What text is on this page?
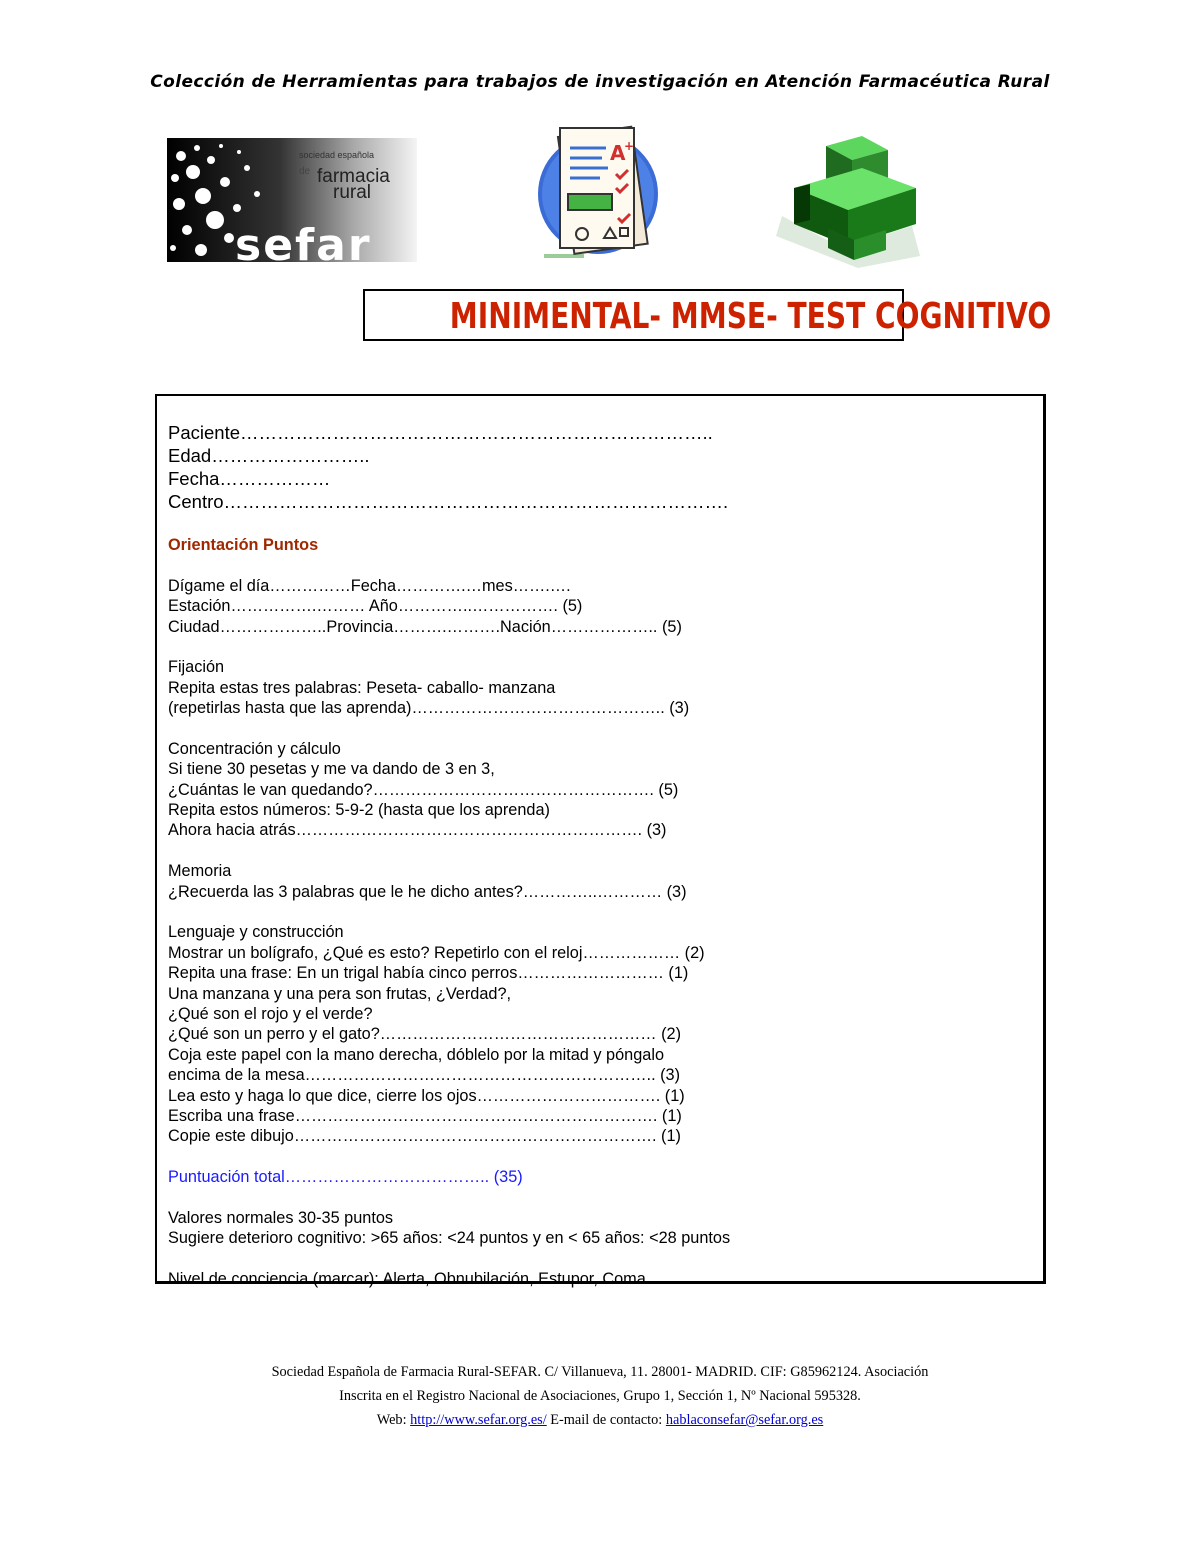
Colección de Herramientas para trabajos de investigación en Atención Farmacéutica Rural
sociedad española
de farmacia
rural
sefar
A
+
MINIMENTAL- MMSE- TEST COGNITIVO
Paciente…………………………………………………………………..
Edad……………………..
Fecha………………
Centro……………………………………………………………………….
Orientación Puntos
Dígame el día……………Fecha………….…mes…….….
Estación…………….……… Año…………..……………. (5)
Ciudad………………..Provincia……….……….Nación……………….. (5)
Fijación
Repita estas tres palabras: Peseta- caballo- manzana
(repetirlas hasta que las aprenda)……………………………………….. (3)
Concentración y cálculo
Si tiene 30 pesetas y me va dando de 3 en 3,
¿Cuántas le van quedando?……………………………………………. (5)
Repita estos números: 5-9-2 (hasta que los aprenda)
Ahora hacia atrás………………………………………………………. (3)
Memoria
¿Recuerda las 3 palabras que le he dicho antes?…………..………… (3)
Lenguaje y construcción
Mostrar un bolígrafo, ¿Qué es esto? Repetirlo con el reloj……………… (2)
Repita una frase: En un trigal había cinco perros……………………… (1)
Una manzana y una pera son frutas, ¿Verdad?,
¿Qué son el rojo y el verde?
¿Qué son un perro y el gato?…………………………………………… (2)
Coja este papel con la mano derecha, dóblelo por la mitad y póngalo
encima de la mesa……………………………………………………….. (3)
Lea esto y haga lo que dice, cierre los ojos……………………………. (1)
Escriba una frase…………………………………………………………. (1)
Copie este dibujo…………………………………………………………. (1)
Puntuación total……………………………….. (35)
Valores normales 30-35 puntos
Sugiere deterioro cognitivo: >65 años: <24 puntos y en < 65 años: <28 puntos
Nivel de conciencia (marcar): Alerta, Obnubilación, Estupor, Coma
Sociedad Española de Farmacia Rural-SEFAR. C/ Villanueva, 11. 28001- MADRID. CIF: G85962124. Asociación
Inscrita en el Registro Nacional de Asociaciones, Grupo 1, Sección 1, Nº Nacional 595328.
Web: http://www.sefar.org.es/ E-mail de contacto: hablaconsefar@sefar.org.es
